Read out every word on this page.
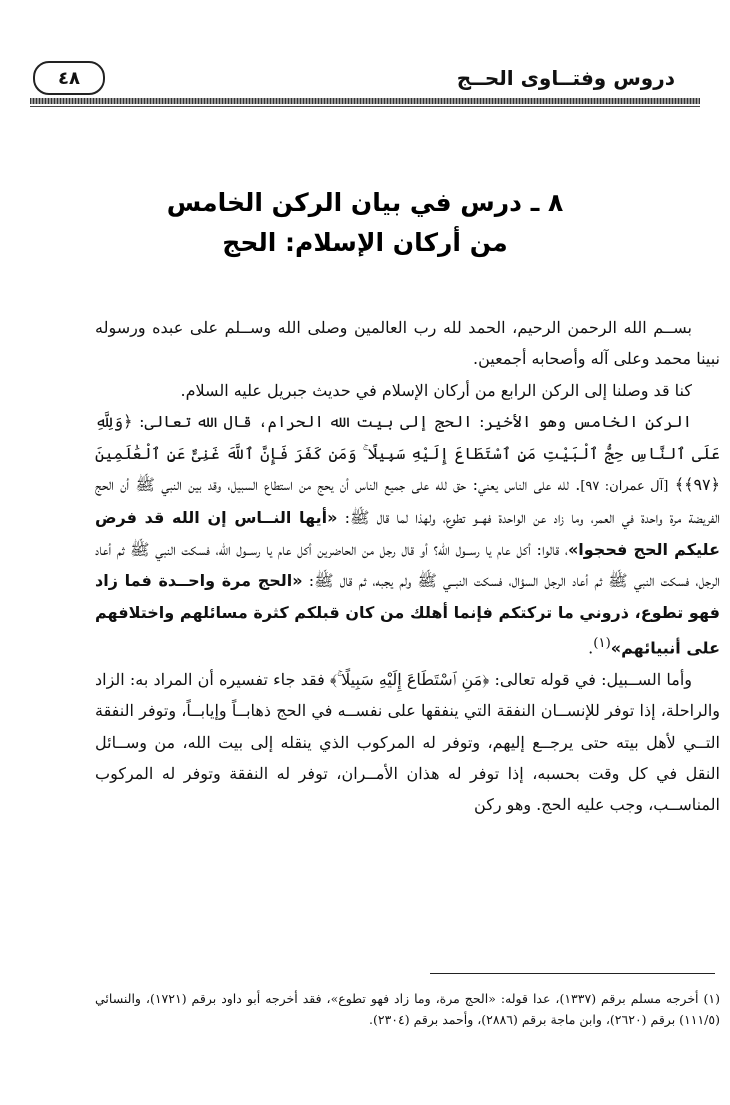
٤٨	دروس وفتــاوى الحــج
٨ ـ درس في بيان الركن الخامس
من أركان الإسلام: الحج

بســم الله الرحمن الرحيم، الحمد لله رب العالمين وصلى الله وســلم على عبده ورسوله نبينا محمد وعلى آله وأصحابه أجمعين.

كنا قد وصلنا إلى الركن الرابع من أركان الإسلام في حديث جبريل عليه السلام.

الركن الخامس وهو الأخير: الحج إلى بيت الله الحرام، قال الله تعالى: ﴿وَلِلَّهِ عَلَى ٱلنَّاسِ حِجُّ ٱلْبَيْتِ مَنِ ٱسْتَطَاعَ إِلَيْهِ سَبِيلًا ۚ وَمَن كَفَرَ فَإِنَّ ٱللَّهَ غَنِىٌّ عَنِ ٱلْعَٰلَمِينَ ﴿٩٧﴾﴾ [آل عمران: ٩٧]. لله على الناس يعني: حق لله على جميع الناس أن يحج من استطاع السبيل، وقد بين النبي ﷺ أن الحج الفريضة مرة واحدة في العمر، وما زاد عن الواحدة فهــو تطوع، ولهذا لما قال ﷺ: «أيها النــاس إن الله قد فرض عليكم الحج فحجوا»، قالوا: أكل عام يا رســول الله؟ أو قال رجل من الحاضرين أكل عام يا رســول الله، فسكت النبي ﷺ ثم أعاد الرجل، فسكت النبي ﷺ ثم أعاد الرجل السؤال، فسكت النبــي ﷺ ولم يجبه، ثم قال ﷺ: «الحج مرة واحــدة فما زاد فهو تطوع، ذروني ما تركتكم فإنما أهلك من كان قبلكم كثرة مسائلهم واختلافهم على أنبيائهم»$^{(١)}$.

وأما الســبيل: في قوله تعالى: ﴿مَنِ ٱسْتَطَاعَ إِلَيْهِ سَبِيلًا ۚ﴾ فقد جاء تفسيره أن المراد به: الزاد والراحلة، إذا توفر للإنســان النفقة التي ينفقها على نفســه في الحج ذهابــاً وإيابــاً، وتوفر النفقة التــي لأهل بيته حتى يرجــع إليهم، وتوفر له المركوب الذي ينقله إلى بيت الله، من وســائل النقل في كل وقت بحسبه، إذا توفر له هذان الأمــران، توفر له النفقة وتوفر له المركوب المناســب، وجب عليه الحج. وهو ركن

(١) أخرجه مسلم برقم (١٣٣٧)، عدا قوله: «الحج مرة، وما زاد فهو تطوع»، فقد أخرجه أبو داود برقم (١٧٢١)، والنسائي (١١١/٥) برقم (٢٦٢٠)، وابن ماجة برقم (٢٨٨٦)، وأحمد برقم (٢٣٠٤).
